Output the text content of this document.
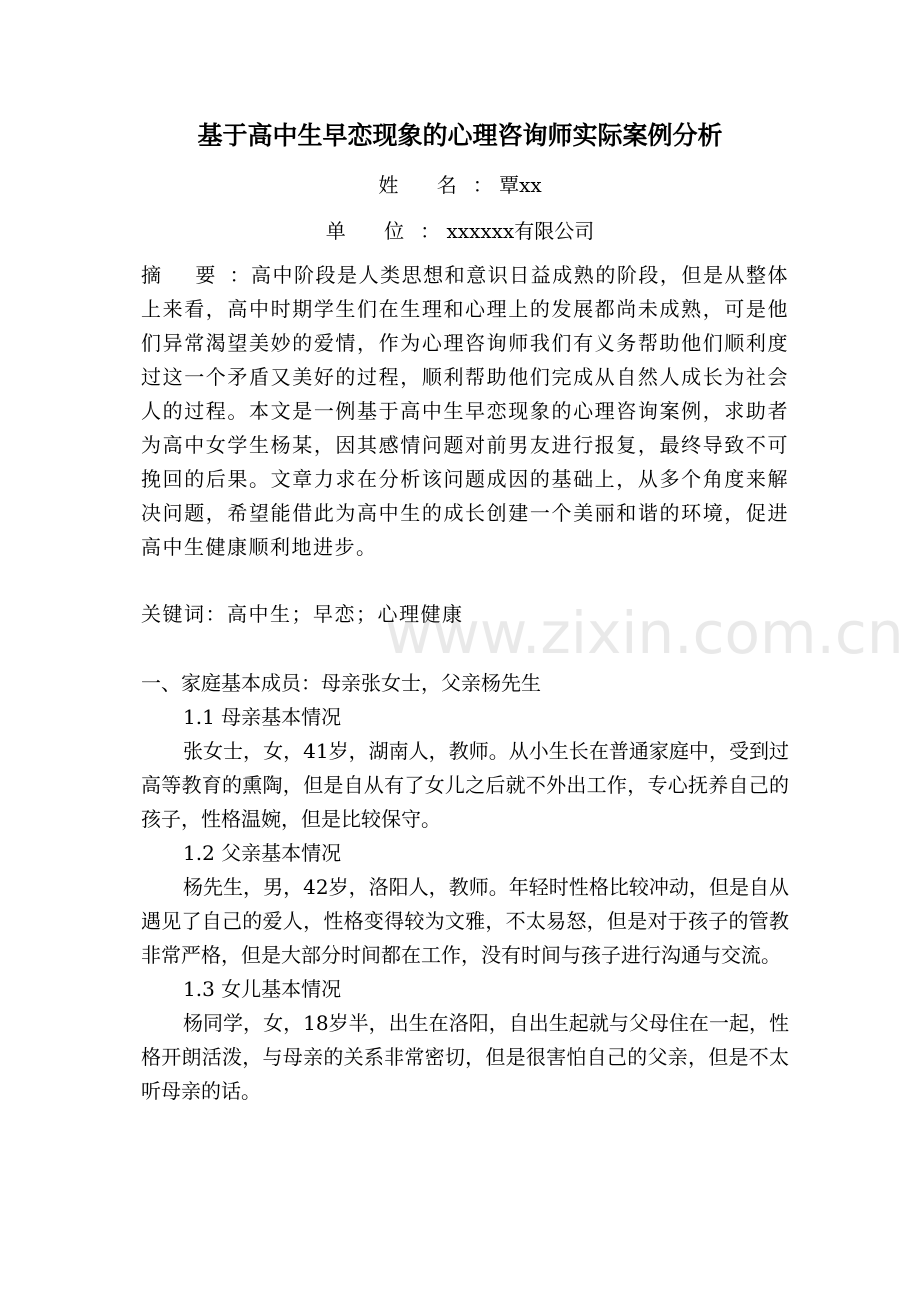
基于高中生早恋现象的心理咨询师实际案例分析
姓 名： 覃xx
单 位： xxxxxx有限公司
摘 要：高中阶段是人类思想和意识日益成熟的阶段，但是从整体上来看，高中时期学生们在生理和心理上的发展都尚未成熟，可是他们异常渴望美妙的爱情，作为心理咨询师我们有义务帮助他们顺利度过这一个矛盾又美好的过程，顺利帮助他们完成从自然人成长为社会人的过程。本文是一例基于高中生早恋现象的心理咨询案例，求助者为高中女学生杨某，因其感情问题对前男友进行报复，最终导致不可挽回的后果。文章力求在分析该问题成因的基础上，从多个角度来解决问题，希望能借此为高中生的成长创建一个美丽和谐的环境，促进高中生健康顺利地进步。
关键词：高中生；早恋；心理健康
一、家庭基本成员：母亲张女士，父亲杨先生
1.1 母亲基本情况
张女士，女，41岁，湖南人，教师。从小生长在普通家庭中，受到过高等教育的熏陶，但是自从有了女儿之后就不外出工作，专心抚养自己的孩子，性格温婉，但是比较保守。
1.2 父亲基本情况
杨先生，男，42岁，洛阳人，教师。年轻时性格比较冲动，但是自从遇见了自己的爱人，性格变得较为文雅，不太易怒，但是对于孩子的管教非常严格，但是大部分时间都在工作，没有时间与孩子进行沟通与交流。
1.3 女儿基本情况
杨同学，女，18岁半，出生在洛阳，自出生起就与父母住在一起，性格开朗活泼，与母亲的关系非常密切，但是很害怕自己的父亲，但是不太听母亲的话。
www.zixin.com.cn
